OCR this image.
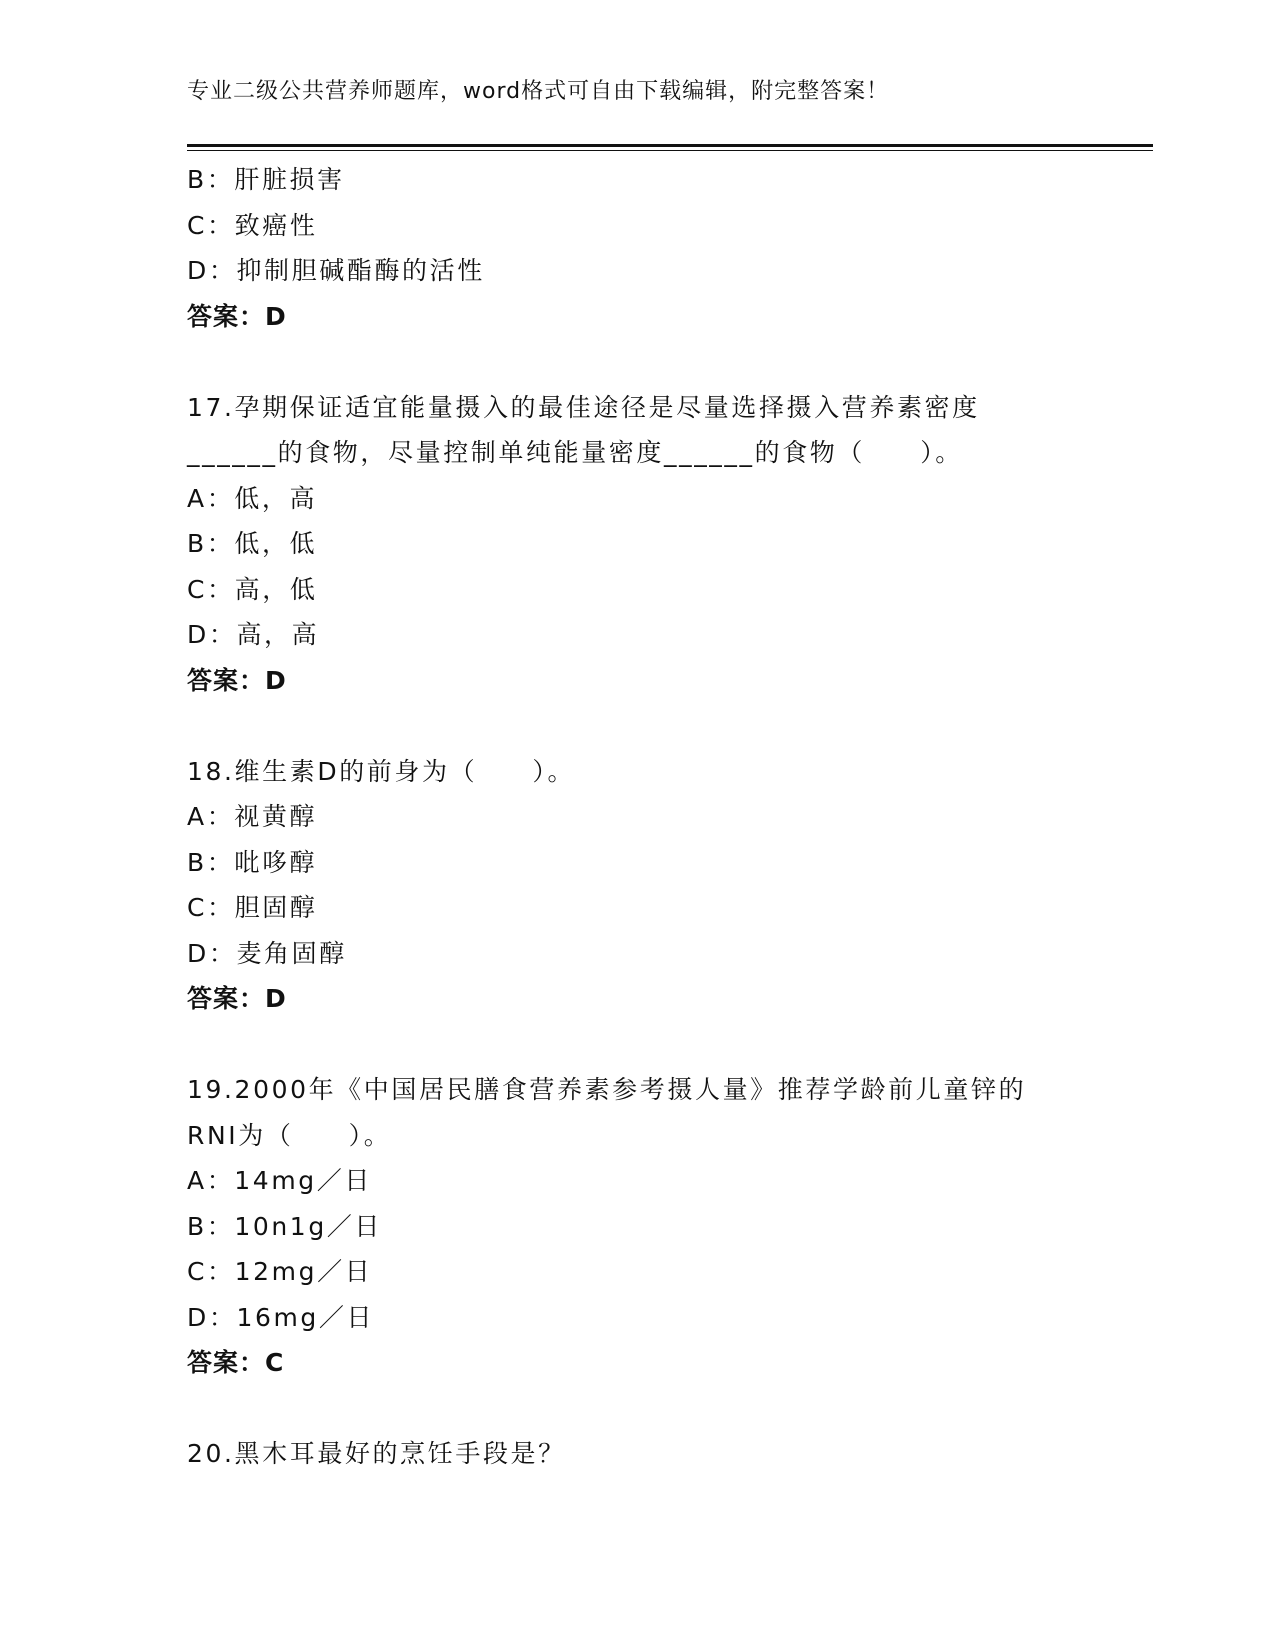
专业二级公共营养师题库，word格式可自由下载编辑，附完整答案！
B：肝脏损害
C：致癌性
D：抑制胆碱酯酶的活性
答案：D
17.孕期保证适宜能量摄入的最佳途径是尽量选择摄入营养素密度
______的食物，尽量控制单纯能量密度______的食物（　　）。
A：低，高
B：低，低
C：高，低
D：高，高
答案：D
18.维生素D的前身为（　　）。
A：视黄醇
B：吡哆醇
C：胆固醇
D：麦角固醇
答案：D
19.2000年《中国居民膳食营养素参考摄人量》推荐学龄前儿童锌的
RNI为（　　）。
A：14mg／日
B：10n1g／日
C：12mg／日
D：16mg／日
答案：C
20.黑木耳最好的烹饪手段是？
